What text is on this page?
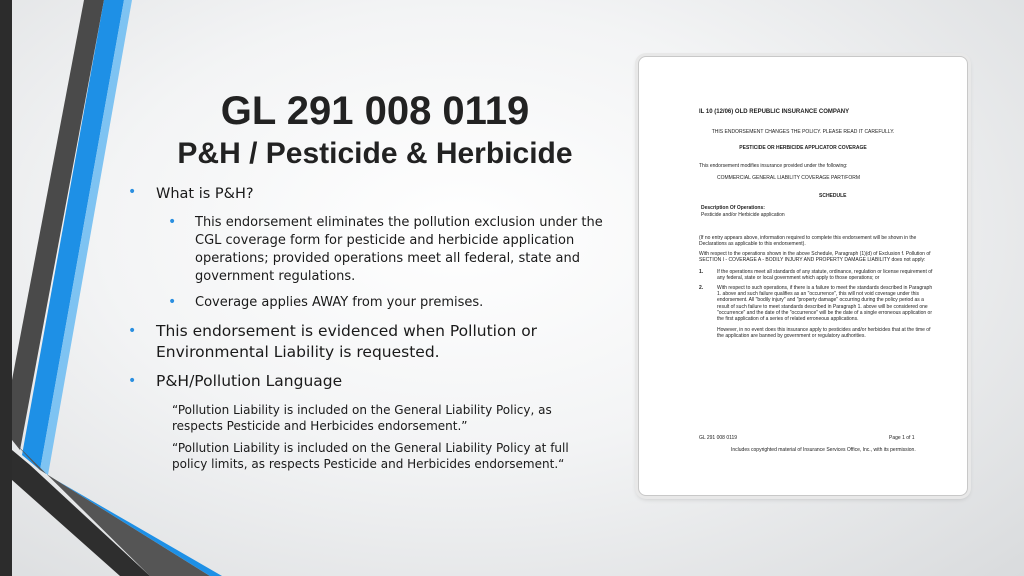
GL 291 008 0119
P&H / Pesticide & Herbicide
• What is P&H?
• This endorsement eliminates the pollution exclusion under the CGL coverage form for pesticide and herbicide application operations; provided operations meet all federal, state and government regulations.
• Coverage applies AWAY from your premises.
• This endorsement is evidenced when Pollution or Environmental Liability is requested.
• P&H/Pollution Language
“Pollution Liability is included on the General Liability Policy, as respects Pesticide and Herbicides endorsement.”
“Pollution Liability is included on the General Liability Policy at full policy limits, as respects Pesticide and Herbicides endorsement.“
IL 10 (12/06) OLD REPUBLIC INSURANCE COMPANY
THIS ENDORSEMENT CHANGES THE POLICY. PLEASE READ IT CAREFULLY.
PESTICIDE OR HERBICIDE APPLICATOR COVERAGE
This endorsement modifies insurance provided under the following:
COMMERCIAL GENERAL LIABILITY COVERAGE PART/FORM
SCHEDULE
Description Of Operations:
Pesticide and/or Herbicide application
(If no entry appears above, information required to complete this endorsement will be shown in the Declarations as applicable to this endorsement).
With respect to the operations shown in the above Schedule, Paragraph (1)(d) of Exclusion f. Pollution of SECTION I - COVERAGE A - BODILY INJURY AND PROPERTY DAMAGE LIABILITY does not apply:
1.	If the operations meet all standards of any statute, ordinance, regulation or license requirement of any federal, state or local government which apply to those operations; or
2.	With respect to such operations, if there is a failure to meet the standards described in Paragraph 1. above and such failure qualifies as an "occurrence", this will not void coverage under this endorsement. All "bodily injury" and "property damage" occurring during the policy period as a result of such failure to meet standards described in Paragraph 1. above will be considered one "occurrence" and the date of the "occurrence" will be the date of a single erroneous application or the first application of a series of related erroneous applications.
However, in no event does this insurance apply to pesticides and/or herbicides that at the time of the application are banned by government or regulatory authorities.
GL 291 008 0119	Page 1 of 1
Includes copyrighted material of Insurance Services Office, Inc., with its permission.
